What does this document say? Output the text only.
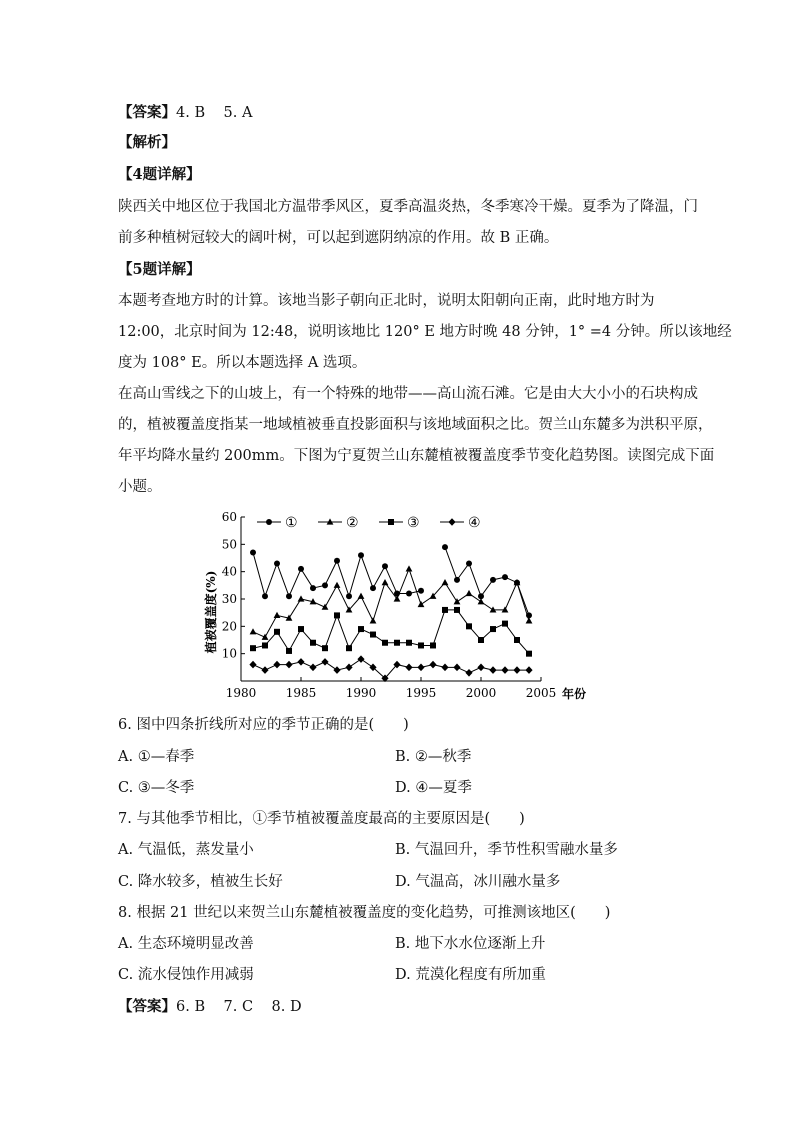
【答案】4. B    5. A
【解析】
【4题详解】
陕西关中地区位于我国北方温带季风区，夏季高温炎热，冬季寒冷干燥。夏季为了降温，门
前多种植树冠较大的阔叶树，可以起到遮阴纳凉的作用。故 B 正确。
【5题详解】
本题考查地方时的计算。该地当影子朝向正北时，说明太阳朝向正南，此时地方时为
12:00，北京时间为 12:48，说明该地比 120° E 地方时晚 48 分钟，1° =4 分钟。所以该地经
度为 108° E。所以本题选择 A 选项。
在高山雪线之下的山坡上，有一个特殊的地带——高山流石滩。它是由大大小小的石块构成
的，植被覆盖度指某一地域植被垂直投影面积与该地域面积之比。贺兰山东麓多为洪积平原，
年平均降水量约 200mm。下图为宁夏贺兰山东麓植被覆盖度季节变化趋势图。读图完成下面
小题。
①	②	③	④
10
20
30
40
50
60
1980 1985 1990 1995 2000 2005
植被覆盖度(%)
年份
6. 图中四条折线所对应的季节正确的是(　　)
A. ①—春季	B. ②—秋季
C. ③—冬季	D. ④—夏季
7. 与其他季节相比，①季节植被覆盖度最高的主要原因是(　　)
A. 气温低，蒸发量小	B. 气温回升，季节性积雪融水量多
C. 降水较多，植被生长好	D. 气温高，冰川融水量多
8. 根据 21 世纪以来贺兰山东麓植被覆盖度的变化趋势，可推测该地区(　　)
A. 生态环境明显改善	B. 地下水水位逐渐上升
C. 流水侵蚀作用减弱	D. 荒漠化程度有所加重
【答案】6. B    7. C    8. D
